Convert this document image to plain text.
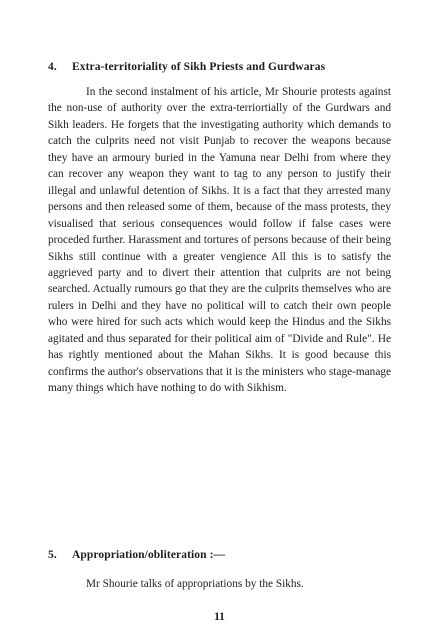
4. Extra-territoriality of Sikh Priests and Gurdwaras
In the second instalment of his article, Mr Shourie protests against the non-use of authority over the extra-terriortially of the Gurdwars and Sikh leaders. He forgets that the investigating authority which demands to catch the culprits need not visit Punjab to recover the weapons because they have an armoury buried in the Yamuna near Delhi from where they can recover any weapon they want to tag to any person to justify their illegal and unlawful detention of Sikhs. It is a fact that they arrested many persons and then released some of them, because of the mass protests, they visualised that serious consequences would follow if false cases were proceded further. Harassment and tortures of persons because of their being Sikhs still continue with a greater vengience All this is to satisfy the aggrieved party and to divert their attention that culprits are not being searched. Actually rumours go that they are the culprits themselves who are rulers in Delhi and they have no political will to catch their own people who were hired for such acts which would keep the Hindus and the Sikhs agitated and thus separated for their political aim of "Divide and Rule". He has rightly mentioned about the Mahan Sikhs. It is good because this confirms the author's observations that it is the ministers who stage-manage many things which have nothing to do with Sikhism.
5. Appropriation/obliteration :—
Mr Shourie talks of appropriations by the Sikhs.
11
